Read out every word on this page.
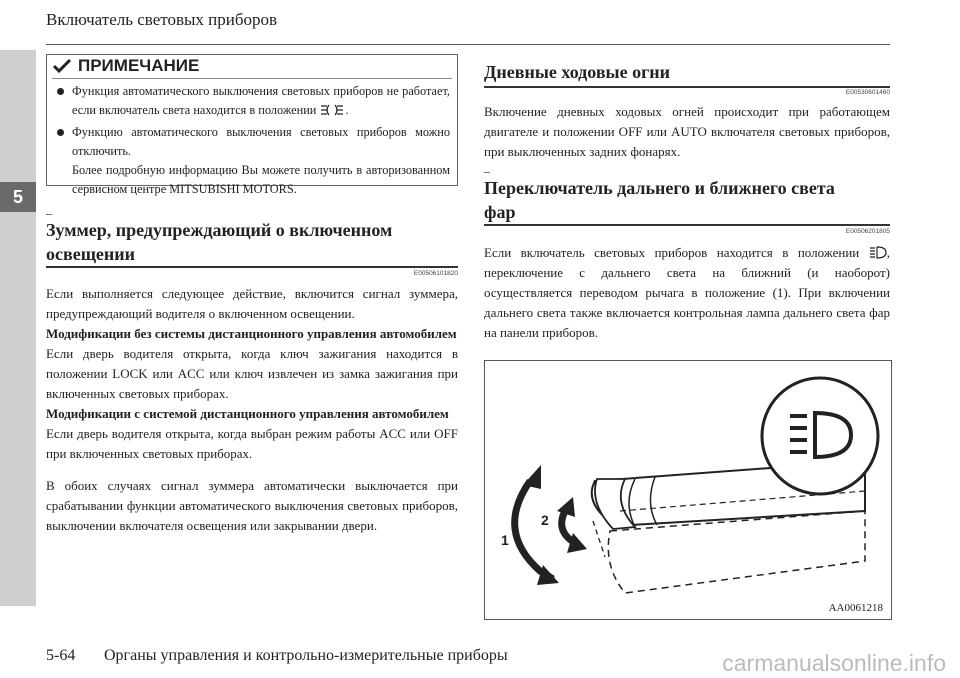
Включатель световых приборов
5
ПРИМЕЧАНИЕ
Функция автоматического выключения световых приборов не работает, если включатель света находится в положении .
Функцию автоматического выключения световых приборов можно отключить.
Более подробную информацию Вы можете получить в авторизованном сервисном центре MITSUBISHI MOTORS.
Зуммер, предупреждающий о включенном
освещении
E00506101820
Если выполняется следующее действие, включится сигнал зуммера, предупреждающий водителя о включенном освещении.
Модификации без системы дистанционного управления автомобилем
Если дверь водителя открыта, когда ключ зажигания находится в положении LOCK или ACC или ключ извлечен из замка зажигания при включенных световых приборах.
Модификации с системой дистанционного управления автомобилем
Если дверь водителя открыта, когда выбран режим работы ACC или OFF при включенных световых приборах.
В обоих случаях сигнал зуммера автоматически выключается при срабатывании функции автоматического выключения световых приборов, выключении включателя освещения или закрывании двери.
Дневные ходовые огни
E00530601460
Включение дневных ходовых огней происходит при работающем двигателе и положении OFF или AUTO включателя световых приборов, при выключенных задних фонарях.
Переключатель дальнего и ближнего света
фар
E00506201805
Если включатель световых приборов находится в положении , переключение с дальнего света на ближний (и наоборот) осуществляется переводом рычага в положение (1). При включении дальнего света также включается контрольная лампа дальнего света фар на панели приборов.
1
2
AA0061218
5-64 Органы управления и контрольно-измерительные приборы	carmanualsonline.info
